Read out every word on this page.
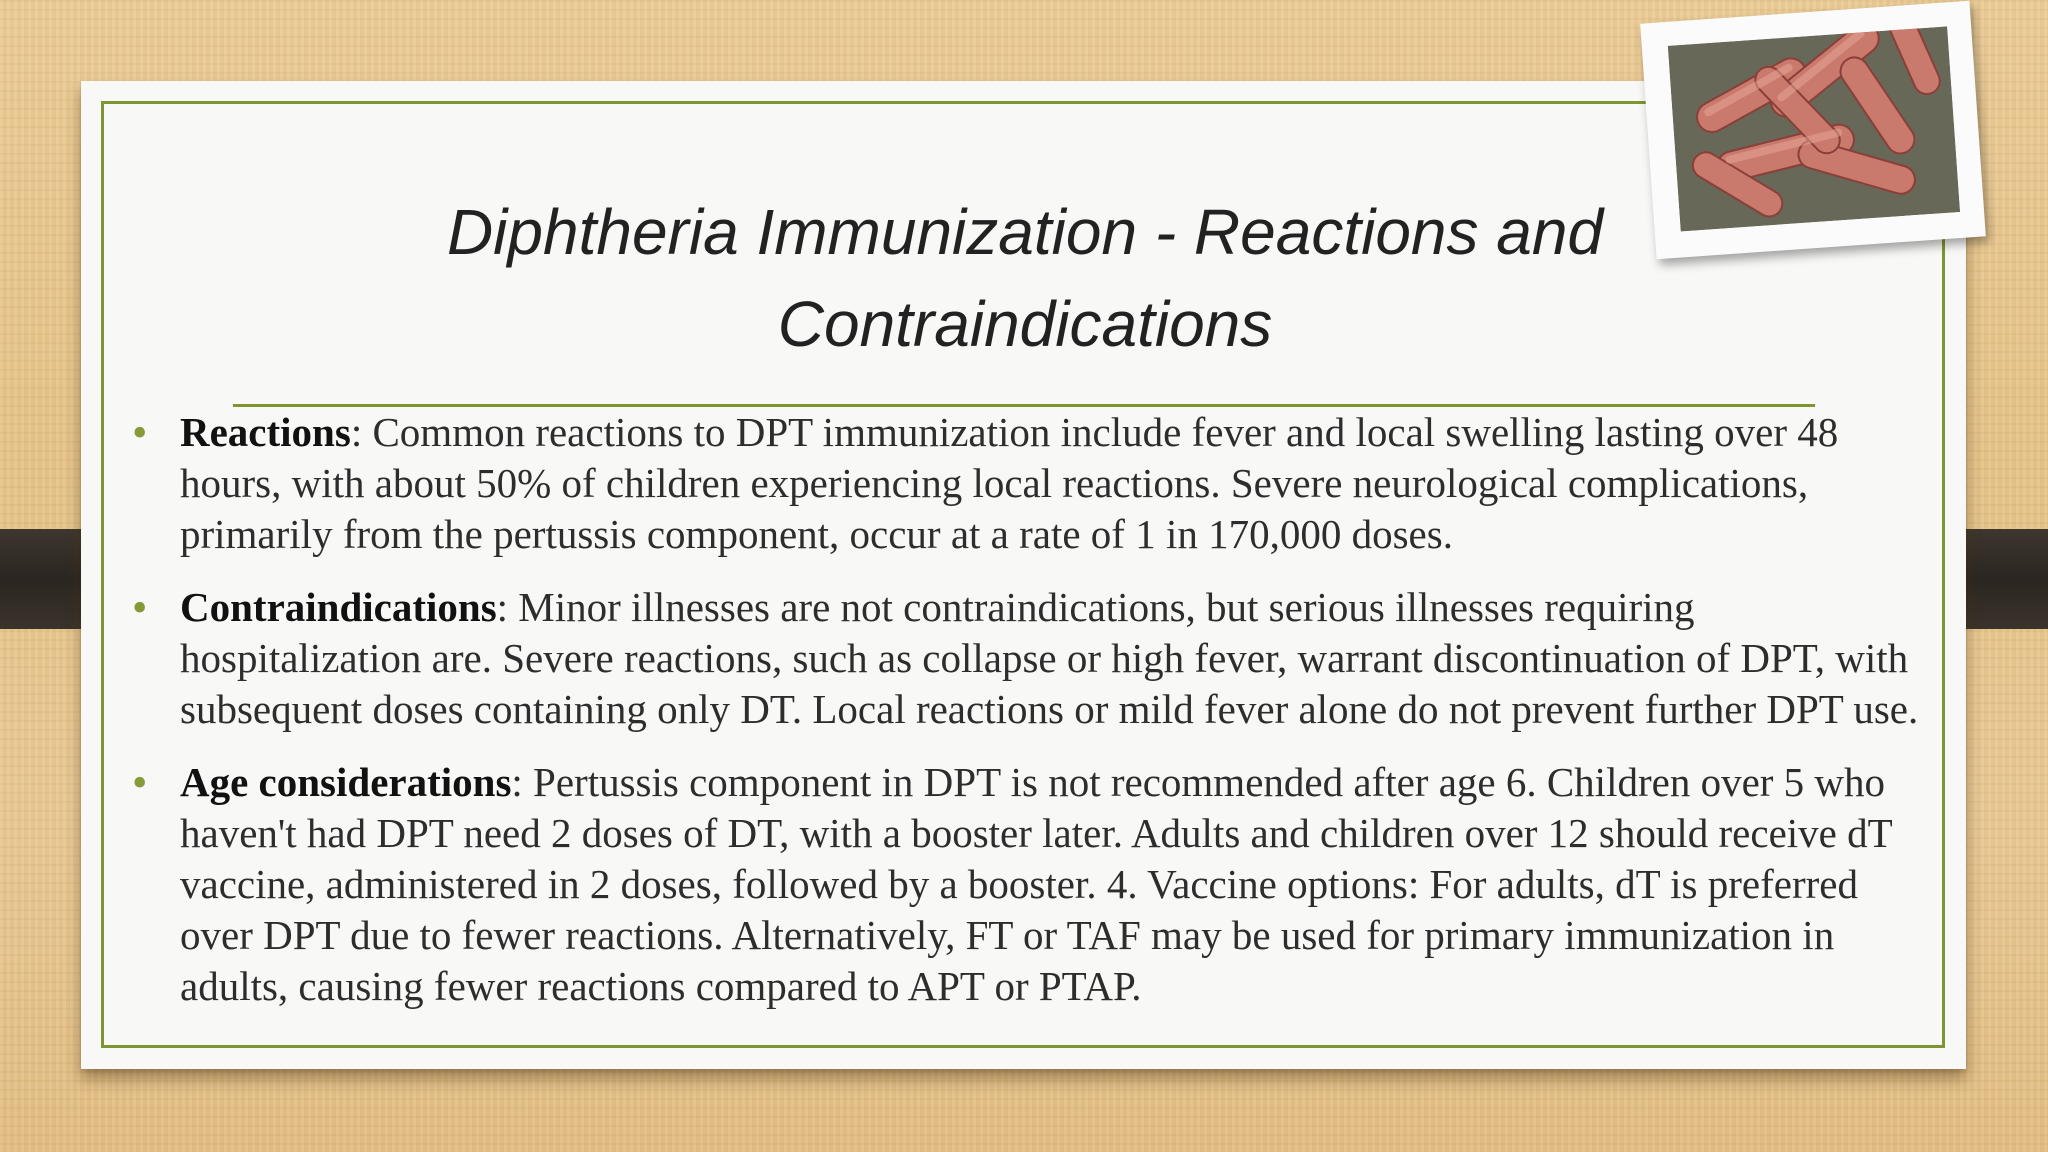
Diphtheria Immunization - Reactions and
Contraindications
• Reactions: Common reactions to DPT immunization include fever and local swelling lasting over 48 hours, with about 50% of children experiencing local reactions. Severe neurological complications, primarily from the pertussis component, occur at a rate of 1 in 170,000 doses.
• Contraindications: Minor illnesses are not contraindications, but serious illnesses requiring hospitalization are. Severe reactions, such as collapse or high fever, warrant discontinuation of DPT, with subsequent doses containing only DT. Local reactions or mild fever alone do not prevent further DPT use.
• Age considerations: Pertussis component in DPT is not recommended after age 6. Children over 5 who haven't had DPT need 2 doses of DT, with a booster later. Adults and children over 12 should receive dT vaccine, administered in 2 doses, followed by a booster. 4. Vaccine options: For adults, dT is preferred over DPT due to fewer reactions. Alternatively, FT or TAF may be used for primary immunization in adults, causing fewer reactions compared to APT or PTAP.
